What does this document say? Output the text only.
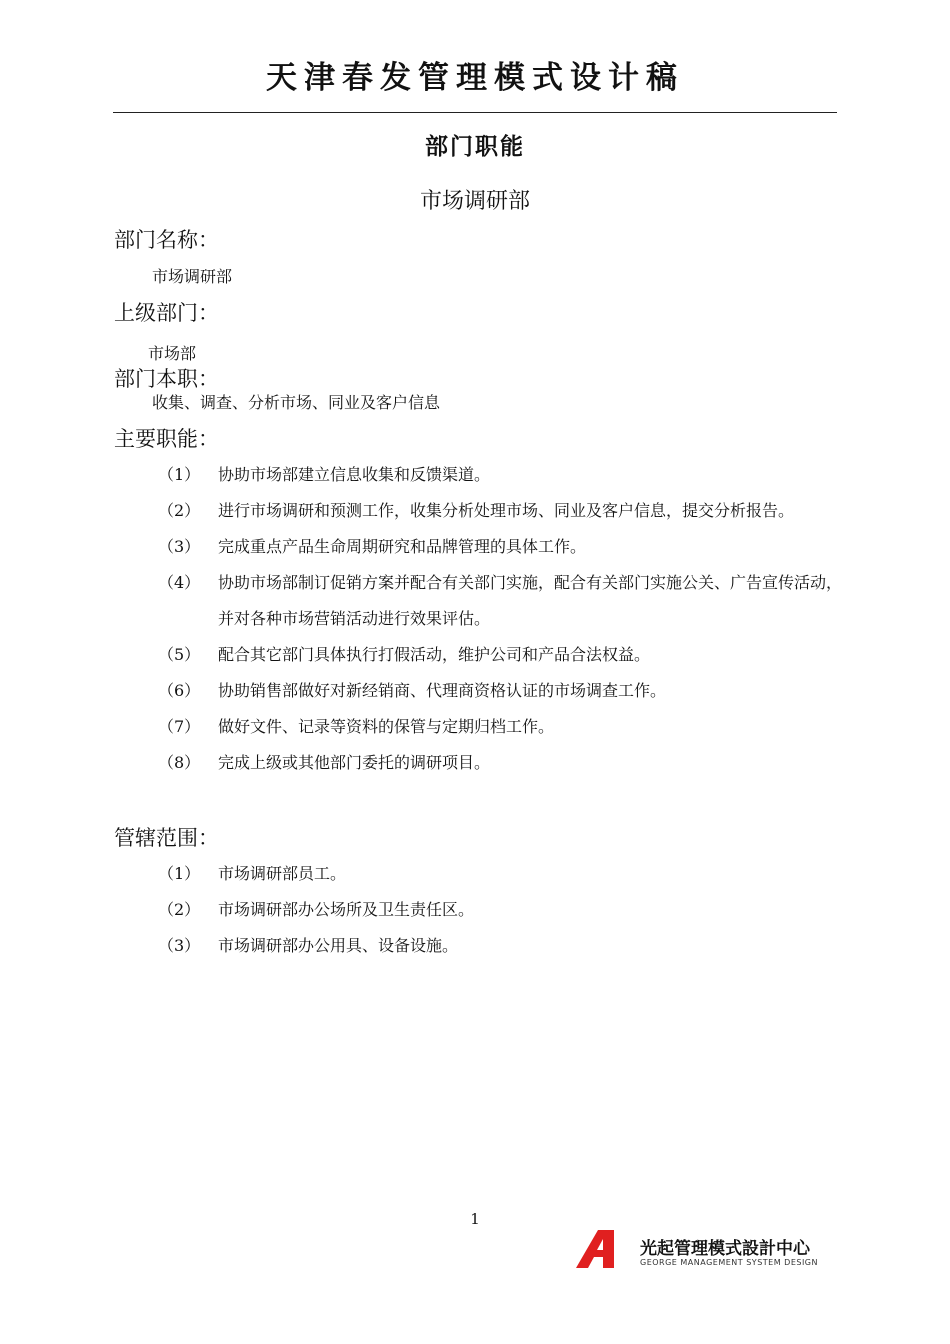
天津春发管理模式设计稿
部门职能
市场调研部
部门名称：
市场调研部
上级部门：
市场部
部门本职：
收集、调查、分析市场、同业及客户信息
主要职能：
（1）	协助市场部建立信息收集和反馈渠道。
（2）	进行市场调研和预测工作，收集分析处理市场、同业及客户信息，提交分析报告。
（3）	完成重点产品生命周期研究和品牌管理的具体工作。
（4）	协助市场部制订促销方案并配合有关部门实施，配合有关部门实施公关、广告宣传活动，并对各种市场营销活动进行效果评估。
（5）	配合其它部门具体执行打假活动，维护公司和产品合法权益。
（6）	协助销售部做好对新经销商、代理商资格认证的市场调查工作。
（7）	做好文件、记录等资料的保管与定期归档工作。
（8）	完成上级或其他部门委托的调研项目。
管辖范围：
（1）	市场调研部员工。
（2）	市场调研部办公场所及卫生责任区。
（3）	市场调研部办公用具、设备设施。
1
光起管理模式設計中心
GEORGE MANAGEMENT SYSTEM DESIGN
